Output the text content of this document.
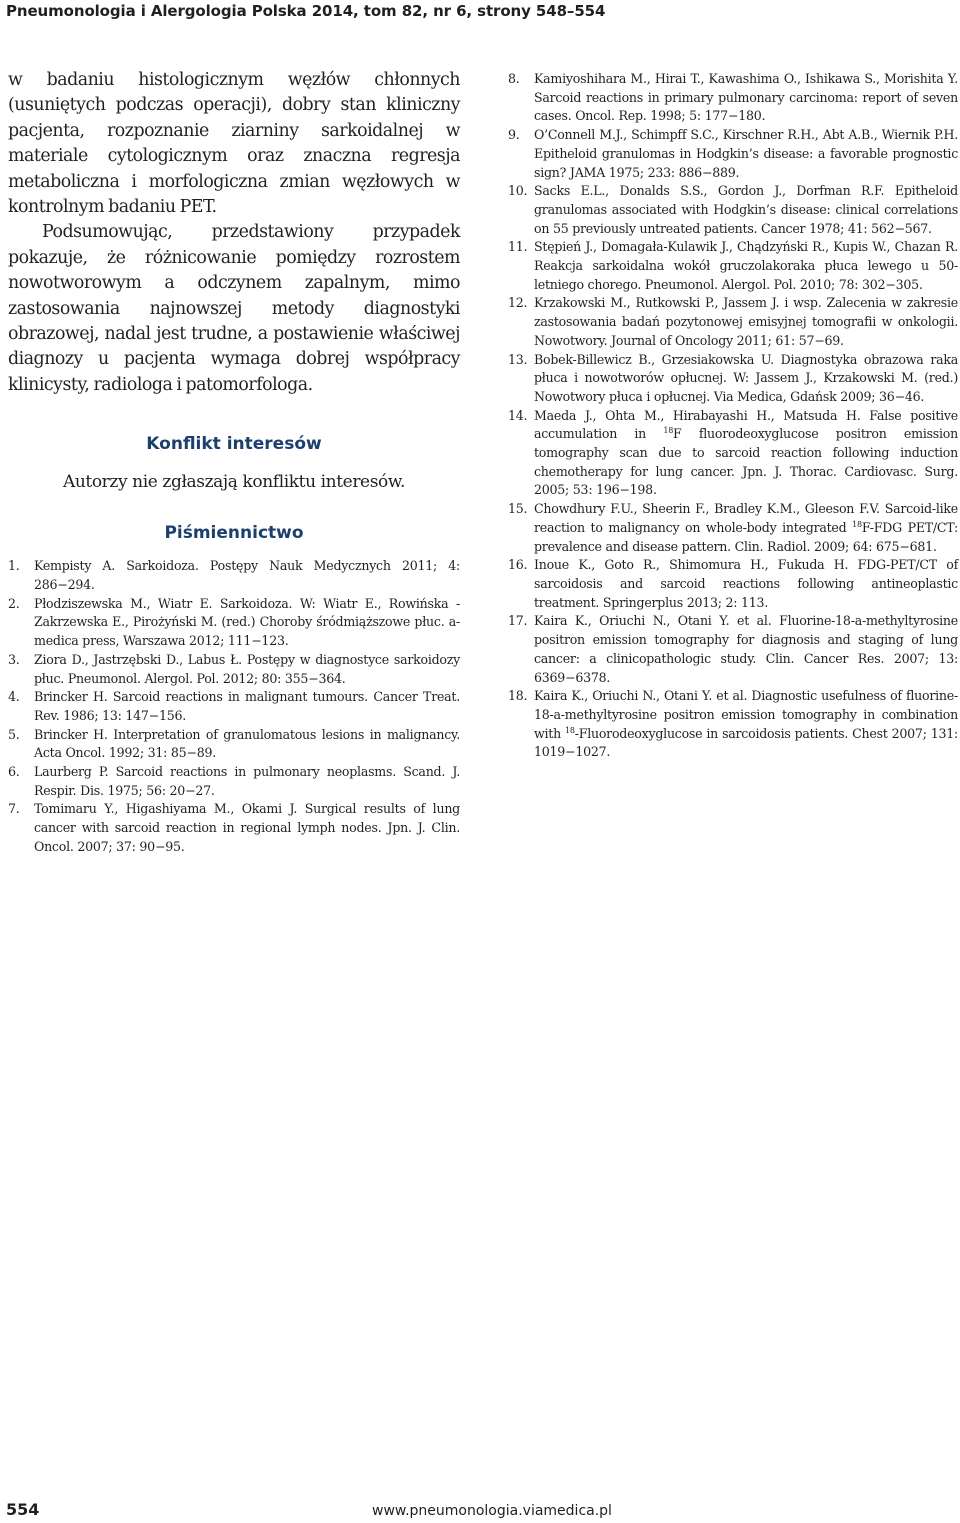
Pneumonologia i Alergologia Polska 2014, tom 82, nr 6, strony 548–554

w badaniu histologicznym węzłów chłonnych (usuniętych podczas operacji), dobry stan kliniczny pacjenta, rozpoznanie ziarniny sarkoidalnej w materiale cytologicznym oraz znaczna regresja metaboliczna i morfologiczna zmian węzłowych w kontrolnym badaniu PET.

Podsumowując, przedstawiony przypadek pokazuje, że różnicowanie pomiędzy rozrostem nowotworowym a odczynem zapalnym, mimo zastosowania najnowszej metody diagnostyki obrazowej, nadal jest trudne, a postawienie właściwej diagnozy u pacjenta wymaga dobrej współpracy klinicysty, radiologa i patomorfologa.

Konflikt interesów

Autorzy nie zgłaszają konfliktu interesów.

Piśmiennictwo
1. Kempisty A. Sarkoidoza. Postępy Nauk Medycznych 2011; 4: 286−294.
2. Płodziszewska M., Wiatr E. Sarkoidoza. W: Wiatr E., Rowińska -Zakrzewska E., Pirożyński M. (red.) Choroby śródmiąższowe płuc. a-medica press, Warszawa 2012; 111−123.
3. Ziora D., Jastrzębski D., Labus Ł. Postępy w diagnostyce sarkoidozy płuc. Pneumonol. Alergol. Pol. 2012; 80: 355−364.
4. Brincker H. Sarcoid reactions in malignant tumours. Cancer Treat. Rev. 1986; 13: 147−156.
5. Brincker H. Interpretation of granulomatous lesions in malignancy. Acta Oncol. 1992; 31: 85−89.
6. Laurberg P. Sarcoid reactions in pulmonary neoplasms. Scand. J. Respir. Dis. 1975; 56: 20−27.
7. Tomimaru Y., Higashiyama M., Okami J. Surgical results of lung cancer with sarcoid reaction in regional lymph nodes. Jpn. J. Clin. Oncol. 2007; 37: 90−95.
8. Kamiyoshihara M., Hirai T., Kawashima O., Ishikawa S., Morishita Y. Sarcoid reactions in primary pulmonary carcinoma: report of seven cases. Oncol. Rep. 1998; 5: 177−180.
9. O’Connell M.J., Schimpff S.C., Kirschner R.H., Abt A.B., Wiernik P.H. Epitheloid granulomas in Hodgkin’s disease: a favorable prognostic sign? JAMA 1975; 233: 886−889.
10. Sacks E.L., Donalds S.S., Gordon J., Dorfman R.F. Epitheloid granulomas associated with Hodgkin’s disease: clinical correlations on 55 previously untreated patients. Cancer 1978; 41: 562−567.
11. Stępień J., Domagała-Kulawik J., Chądzyński R., Kupis W., Chazan R. Reakcja sarkoidalna wokół gruczolakoraka płuca lewego u 50-letniego chorego. Pneumonol. Alergol. Pol. 2010; 78: 302−305.
12. Krzakowski M., Rutkowski P., Jassem J. i wsp. Zalecenia w zakresie zastosowania badań pozytonowej emisyjnej tomografii w onkologii. Nowotwory. Journal of Oncology 2011; 61: 57−69.
13. Bobek-Billewicz B., Grzesiakowska U. Diagnostyka obrazowa raka płuca i nowotworów opłucnej. W: Jassem J., Krzakowski M. (red.) Nowotwory płuca i opłucnej. Via Medica, Gdańsk 2009; 36−46.
14. Maeda J., Ohta M., Hirabayashi H., Matsuda H. False positive accumulation in $^{18}$F fluorodeoxyglucose positron emission tomography scan due to sarcoid reaction following induction chemotherapy for lung cancer. Jpn. J. Thorac. Cardiovasc. Surg. 2005; 53: 196−198.
15. Chowdhury F.U., Sheerin F., Bradley K.M., Gleeson F.V. Sarcoid-like reaction to malignancy on whole-body integrated $^{18}$F-FDG PET/CT: prevalence and disease pattern. Clin. Radiol. 2009; 64: 675−681.
16. Inoue K., Goto R., Shimomura H., Fukuda H. FDG-PET/CT of sarcoidosis and sarcoid reactions following antineoplastic treatment. Springerplus 2013; 2: 113.
17. Kaira K., Oriuchi N., Otani Y. et al. Fluorine-18-a-methyltyrosine positron emission tomography for diagnosis and staging of lung cancer: a clinicopathologic study. Clin. Cancer Res. 2007; 13: 6369−6378.
18. Kaira K., Oriuchi N., Otani Y. et al. Diagnostic usefulness of fluorine-18-a-methyltyrosine positron emission tomography in combination with $^{18}$-Fluorodeoxyglucose in sarcoidosis patients. Chest 2007; 131: 1019−1027.
554	www.pneumonologia.viamedica.pl
